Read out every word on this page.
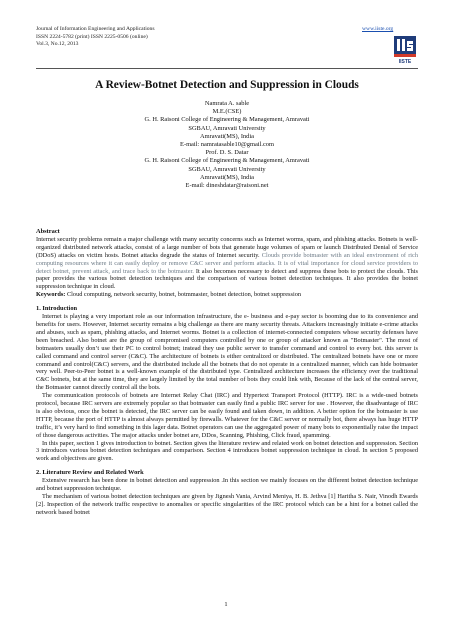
Journal of Information Engineering and Applications
ISSN 2224-5782 (print) ISSN 2225-0506 (online)
Vol.3, No.12, 2013
www.iiste.org
IISTE
A Review-Botnet Detection and Suppression in Clouds
Namrata A. sable
M.E.(CSE)
G. H. Raisoni College of Engineering & Management, Amravati
SGBAU, Amravati University
Amravati(MS), India
E-mail: namratasable10@gmail.com
Prof. D. S. Datar
G. H. Raisoni College of Engineering & Management, Amravati
SGBAU, Amravati University
Amravati(MS), India
E-mail: dineshdatar@raisoni.net
Abstract

Internet security problems remain a major challenge with many security concerns such as Internet worms, spam, and phishing attacks. Botnets is well-organized distributed network attacks, consist of a large number of bots that generate huge volumes of spam or launch Distributed Denial of Service (DDoS) attacks on victim hosts. Botnet attacks degrade the status of Internet security. Clouds provide botmaster with an ideal environment of rich computing resources where it can easily deploy or remove C&C server and perform attacks. It is of vital importance for cloud service providers to detect botnet, prevent attack, and trace back to the botmaster. It also becomes necessary to detect and suppress these bots to protect the clouds. This paper provides the various botnet detection techniques and the comparison of various botnet detection techniques. It also provides the botnet suppression technique in cloud.

Keywords: Cloud computing, network security, botnet, botmmaster, botnet detection, botnet suppression

1. Introduction

Internet is playing a very important role as our information infrastructure, the e- business and e-pay sector is booming due to its convenience and benefits for users. However, Internet security remains a big challenge as there are many security threats. Attackers increasingly initiate e-crime attacks and abuses, such as spam, phishing attacks, and Internet worms. Botnet is a collection of internet-connected computers whose security defenses have been breached. Also botnet are the group of compromised computers controlled by one or group of attacker known as "Botmaster". The most of botmasters usually don’t use their PC to control botnet; instead they use public server to transfer command and control to every bot. this server is called command and control server (C&C). The architecture of botnets is either centralized or distributed. The centralized botnets have one or more command and control(C&C) servers, and the distributed include all the botnets that do not operate in a centralized manner, which can hide botmaster very well. Peer-to-Peer botnet is a well-known example of the distributed type. Centralized architecture increases the efficiency over the traditional C&C botnets, but at the same time, they are largely limited by the total number of bots they could link with, Because of the lack of the central server, the Botmaster cannot directly control all the bots.

The communication protocols of botnets are Internet Relay Chat (IRC) and Hypertext Transport Protocol (HTTP). IRC is a wide-used botnets protocol, because IRC servers are extremely popular so that botmaster can easily find a public IRC server for use . However, the disadvantage of IRC is also obvious, once the botnet is detected, the IRC server can be easily found and taken down, in addition. A better option for the botmaster is use HTTP, because the port of HTTP is almost always permitted by firewalls. Whatever for the C&C server or normally bot, there always has huge HTTP traffic, it’s very hard to find something in this lager data. Botnet operators can use the aggregated power of many bots to exponentially raise the impact of those dangerous activities. The major attacks under botnet are, DDos, Scanning, Phishing, Click fraud, spamming.

In this paper, section 1 gives introduction to botnet. Section gives the literature review and related work on botnet detection and suppression. Section 3 introduces various botnet detection techniques and comparison. Section 4 introduces botnet suppression technique in cloud. In section 5 proposed work and objectives are given.

2. Literature Review and Related Work

Extensive research has been done in botnet detection and suppression .In this section we mainly focuses on the different botnet detection technique and botnet suppression technique.

The mechanism of various botnet detection techniques are given by Jignesh Vania, Arvind Meniya, H. B. Jethva [1] Haritha S. Nair, Vinodh Ewards [2]. Inspection of the network traffic respective to anomalies or specific singularities of the IRC protocol which can be a hint for a botnet called the network based botnet

1
